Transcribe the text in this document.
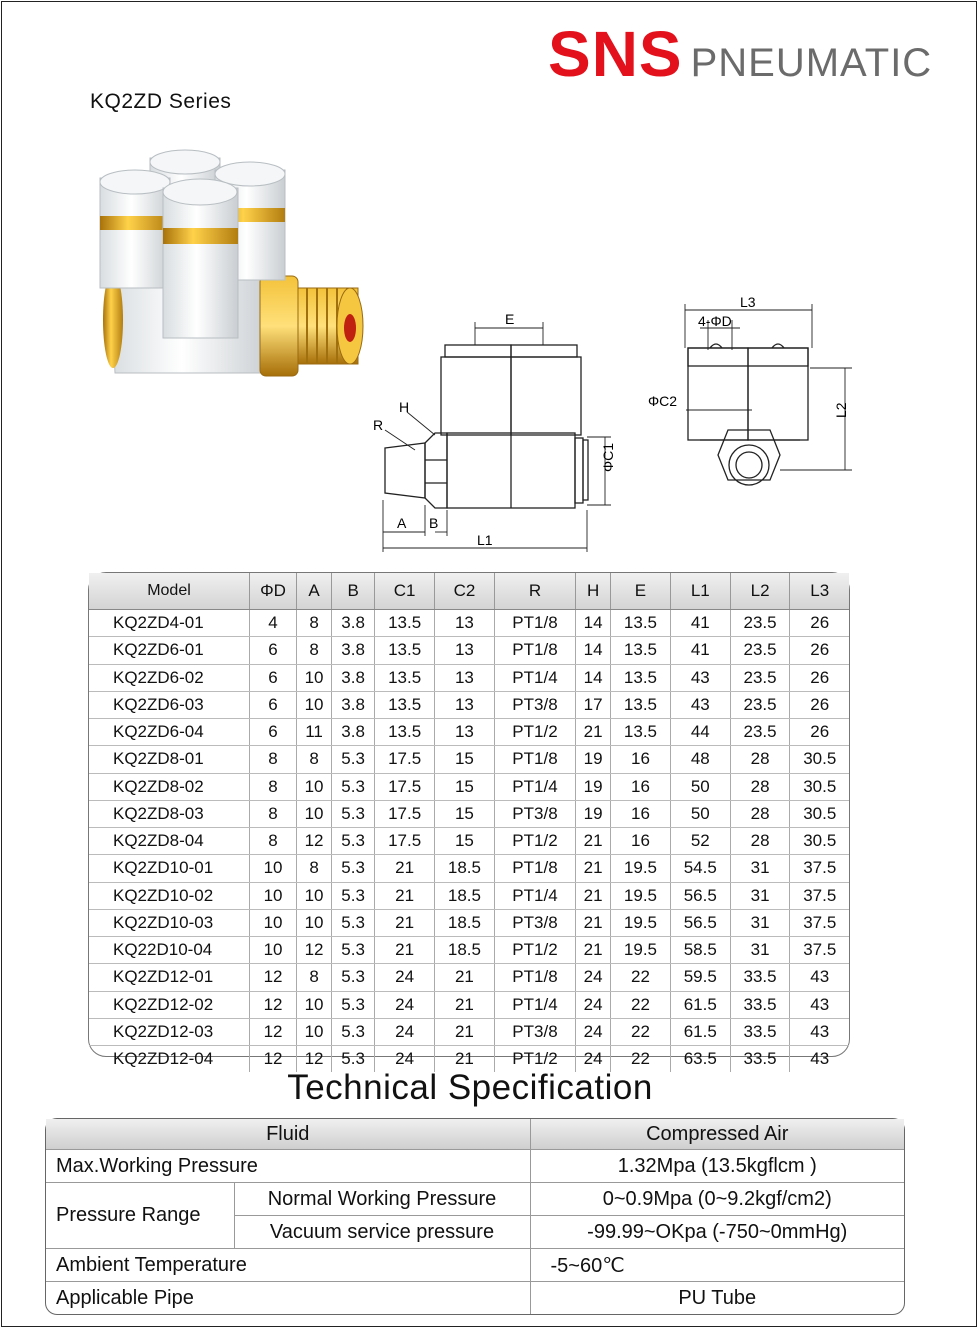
SNS PNEUMATIC
KQ2ZD Series
E
H
R
ΦC1
A B
L1
L3
4-ΦD
ΦC2
L2
Model	ΦD	A	B	C1	C2	R	H	E	L1	L2	L3
KQ2ZD4-01	4	8	3.8	13.5	13	PT1/8	14	13.5	41	23.5	26
KQ2ZD6-01	6	8	3.8	13.5	13	PT1/8	14	13.5	41	23.5	26
KQ2ZD6-02	6	10	3.8	13.5	13	PT1/4	14	13.5	43	23.5	26
KQ2ZD6-03	6	10	3.8	13.5	13	PT3/8	17	13.5	43	23.5	26
KQ2ZD6-04	6	11	3.8	13.5	13	PT1/2	21	13.5	44	23.5	26
KQ2ZD8-01	8	8	5.3	17.5	15	PT1/8	19	16	48	28	30.5
KQ2ZD8-02	8	10	5.3	17.5	15	PT1/4	19	16	50	28	30.5
KQ2ZD8-03	8	10	5.3	17.5	15	PT3/8	19	16	50	28	30.5
KQ2ZD8-04	8	12	5.3	17.5	15	PT1/2	21	16	52	28	30.5
KQ2ZD10-01	10	8	5.3	21	18.5	PT1/8	21	19.5	54.5	31	37.5
KQ2ZD10-02	10	10	5.3	21	18.5	PT1/4	21	19.5	56.5	31	37.5
KQ2ZD10-03	10	10	5.3	21	18.5	PT3/8	21	19.5	56.5	31	37.5
KQ22D10-04	10	12	5.3	21	18.5	PT1/2	21	19.5	58.5	31	37.5
KQ2ZD12-01	12	8	5.3	24	21	PT1/8	24	22	59.5	33.5	43
KQ2ZD12-02	12	10	5.3	24	21	PT1/4	24	22	61.5	33.5	43
KQ2ZD12-03	12	10	5.3	24	21	PT3/8	24	22	61.5	33.5	43
KQ2ZD12-04	12	12	5.3	24	21	PT1/2	24	22	63.5	33.5	43
Technical Specification
Fluid		Compressed Air
Max.Working Pressure		1.32Mpa (13.5kgflcm )
Pressure Range	Normal Working Pressure	0~0.9Mpa (0~9.2kgf/cm2)
	Vacuum service pressure	-99.99~OKpa (-750~0mmHg)
Ambient Temperature		-5~60℃
Applicable Pipe		PU Tube
